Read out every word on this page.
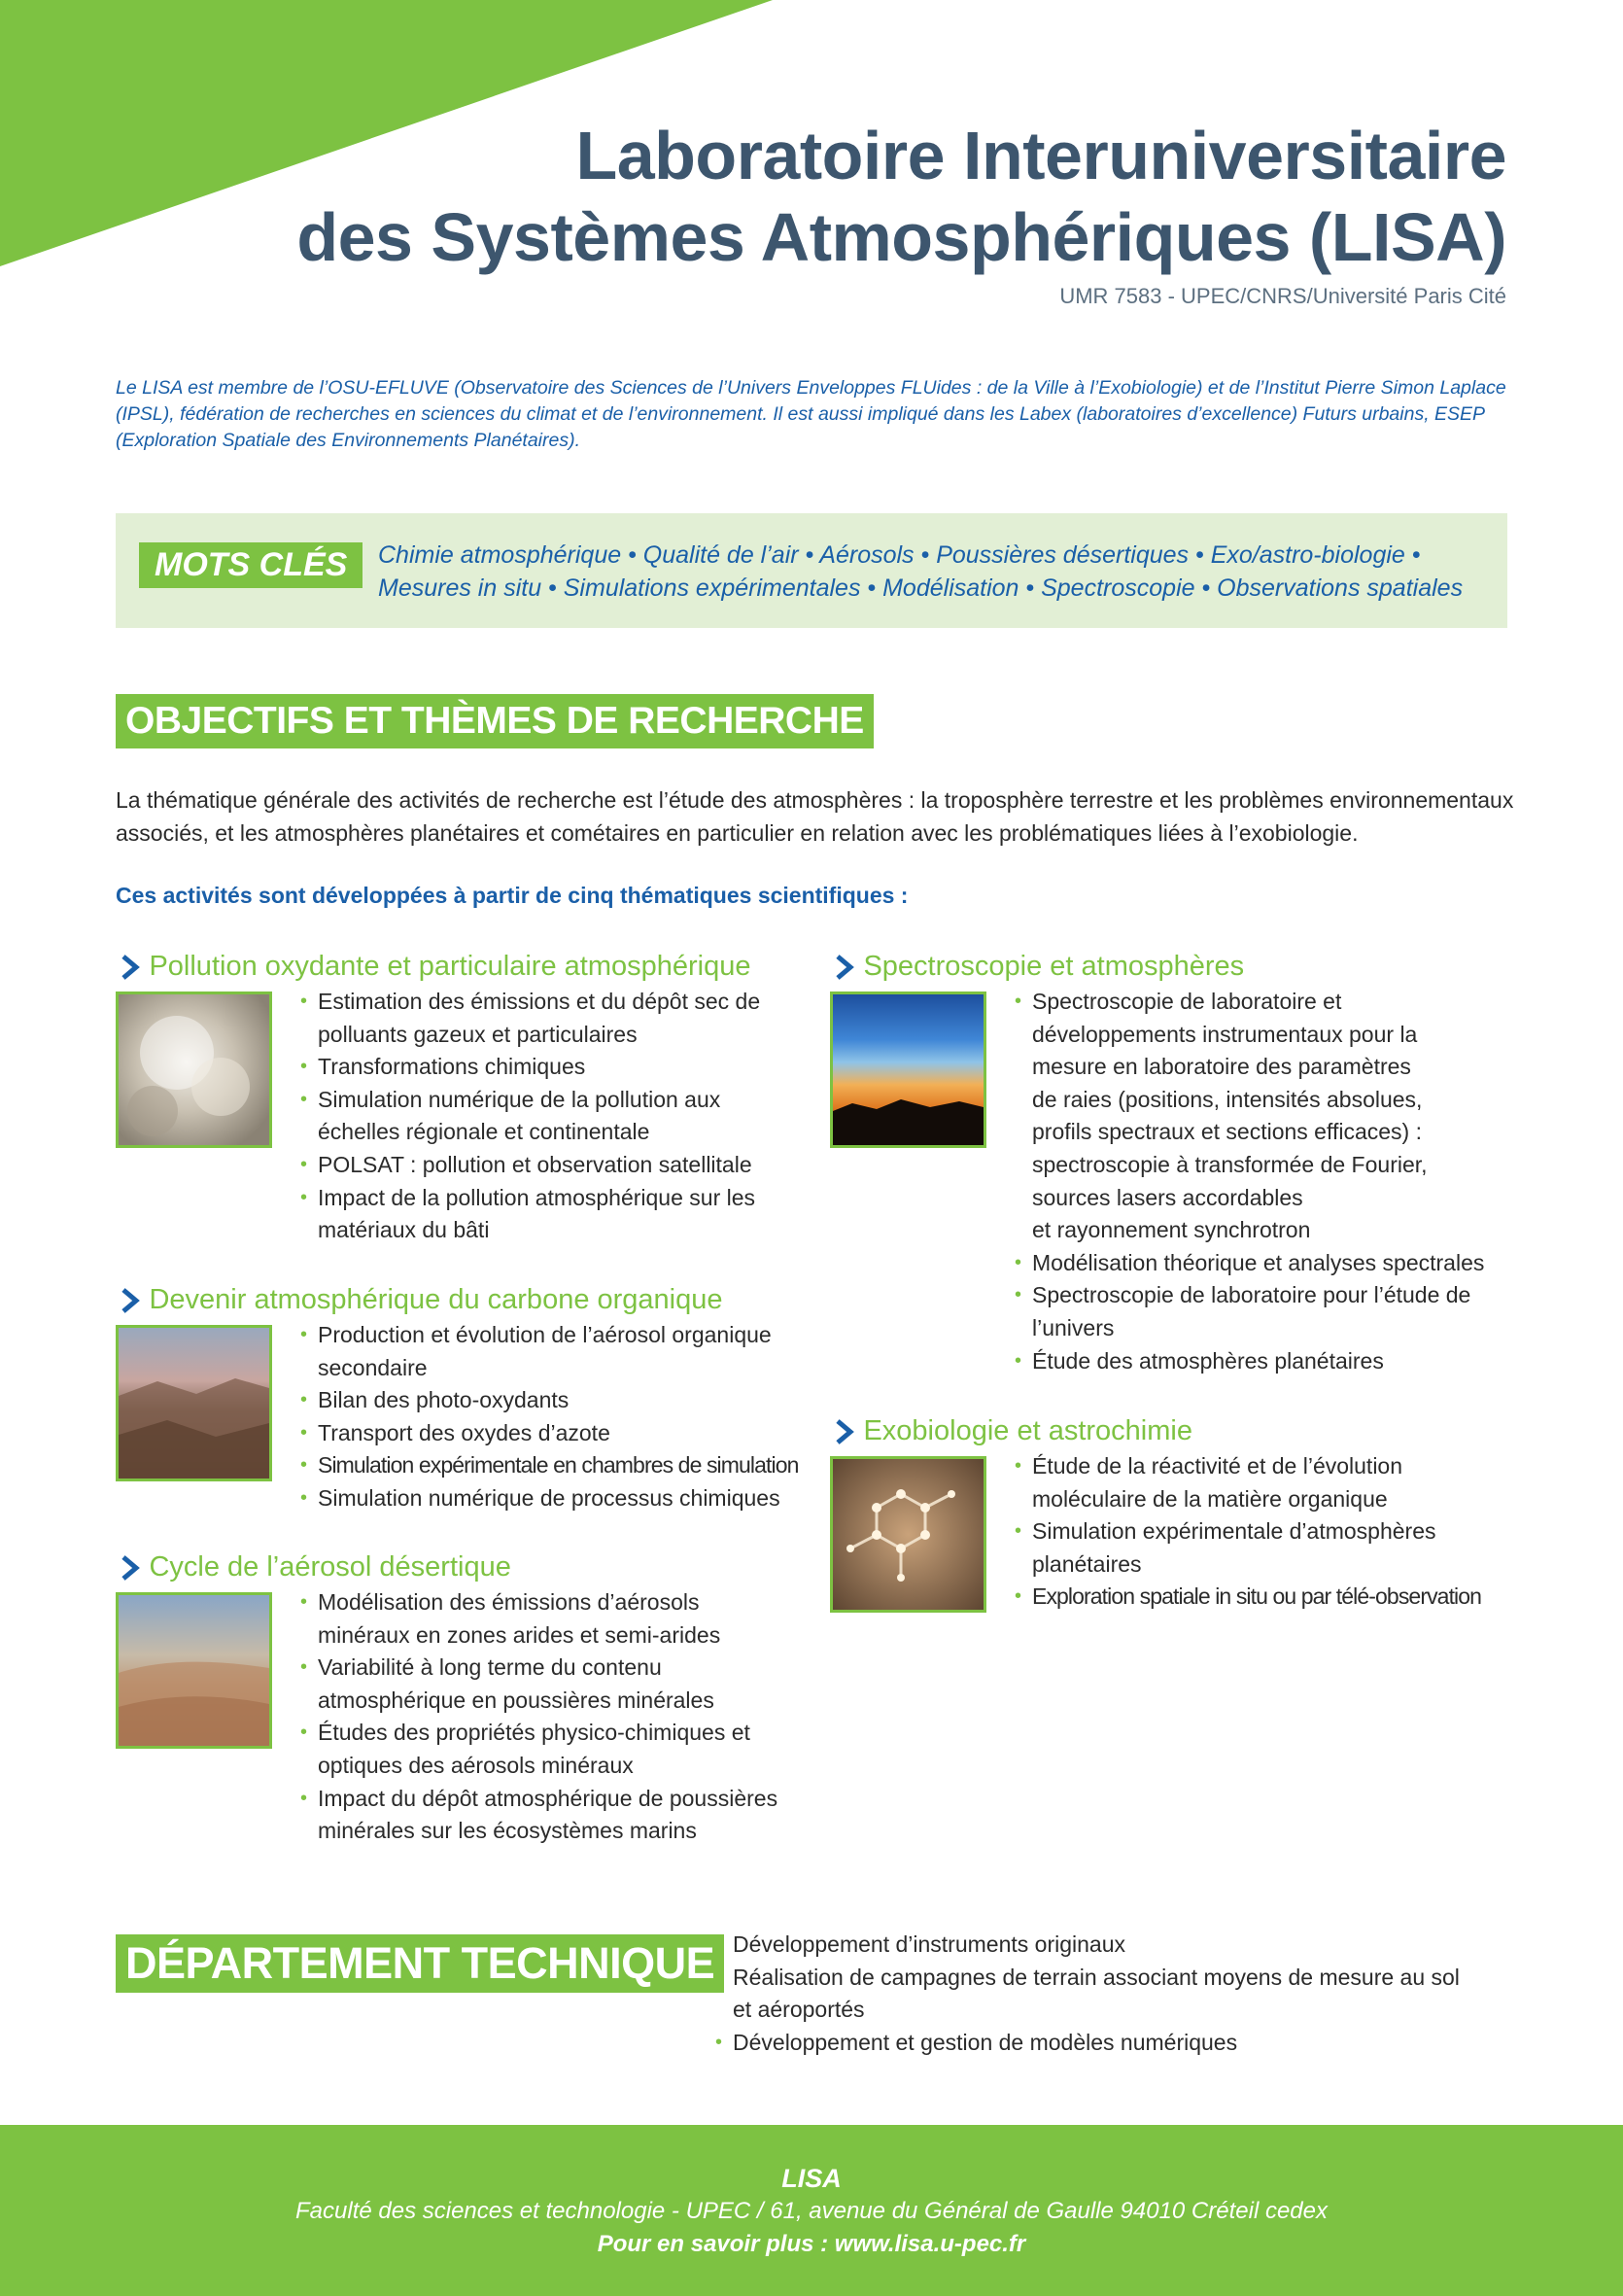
Laboratoire Interuniversitaire
des Systèmes Atmosphériques (LISA)
UMR 7583 - UPEC/CNRS/Université Paris Cité
Le LISA est membre de l’OSU-EFLUVE (Observatoire des Sciences de l’Univers Enveloppes FLUides : de la Ville à l’Exobiologie) et de l’Institut Pierre Simon Laplace (IPSL), fédération de recherches en sciences du climat et de l’environnement. Il est aussi impliqué dans les Labex (laboratoires d’excellence) Futurs urbains, ESEP (Exploration Spatiale des Environnements Planétaires).
MOTS CLÉS	Chimie atmosphérique • Qualité de l’air • Aérosols • Poussières désertiques • Exo/astro-biologie • Mesures in situ • Simulations expérimentales • Modélisation • Spectroscopie • Observations spatiales
OBJECTIFS ET THÈMES DE RECHERCHE
La thématique générale des activités de recherche est l’étude des atmosphères : la troposphère terrestre et les problèmes environnementaux associés, et les atmosphères planétaires et cométaires en particulier en relation avec les problématiques liées à l’exobiologie.
Ces activités sont développées à partir de cinq thématiques scientifiques :
Pollution oxydante et particulaire atmosphérique
• Estimation des émissions et du dépôt sec de
polluants gazeux et particulaires
• Transformations chimiques
• Simulation numérique de la pollution aux
échelles régionale et continentale
• POLSAT : pollution et observation satellitale
• Impact de la pollution atmosphérique sur les
matériaux du bâti
Devenir atmosphérique du carbone organique
• Production et évolution de l’aérosol organique
secondaire
• Bilan des photo-oxydants
• Transport des oxydes d’azote
• Simulation expérimentale en chambres de simulation
• Simulation numérique de processus chimiques
Cycle de l’aérosol désertique
• Modélisation des émissions d’aérosols
minéraux en zones arides et semi-arides
• Variabilité à long terme du contenu
atmosphérique en poussières minérales
• Études des propriétés physico-chimiques et
optiques des aérosols minéraux
• Impact du dépôt atmosphérique de poussières
minérales sur les écosystèmes marins
Spectroscopie et atmosphères
• Spectroscopie de laboratoire et
développements instrumentaux pour la
mesure en laboratoire des paramètres
de raies (positions, intensités absolues,
profils spectraux et sections efficaces) :
spectroscopie à transformée de Fourier,
sources lasers accordables
et rayonnement synchrotron
• Modélisation théorique et analyses spectrales
• Spectroscopie de laboratoire pour l’étude de
l’univers
• Étude des atmosphères planétaires
Exobiologie et astrochimie
• Étude de la réactivité et de l’évolution
moléculaire de la matière organique
• Simulation expérimentale d’atmosphères
planétaires
• Exploration spatiale in situ ou par télé-observation
DÉPARTEMENT TECHNIQUE
• Développement d’instruments originaux
• Réalisation de campagnes de terrain associant moyens de mesure au sol
et aéroportés
• Développement et gestion de modèles numériques
LISA
Faculté des sciences et technologie - UPEC / 61, avenue du Général de Gaulle 94010 Créteil cedex
Pour en savoir plus : www.lisa.u-pec.fr
